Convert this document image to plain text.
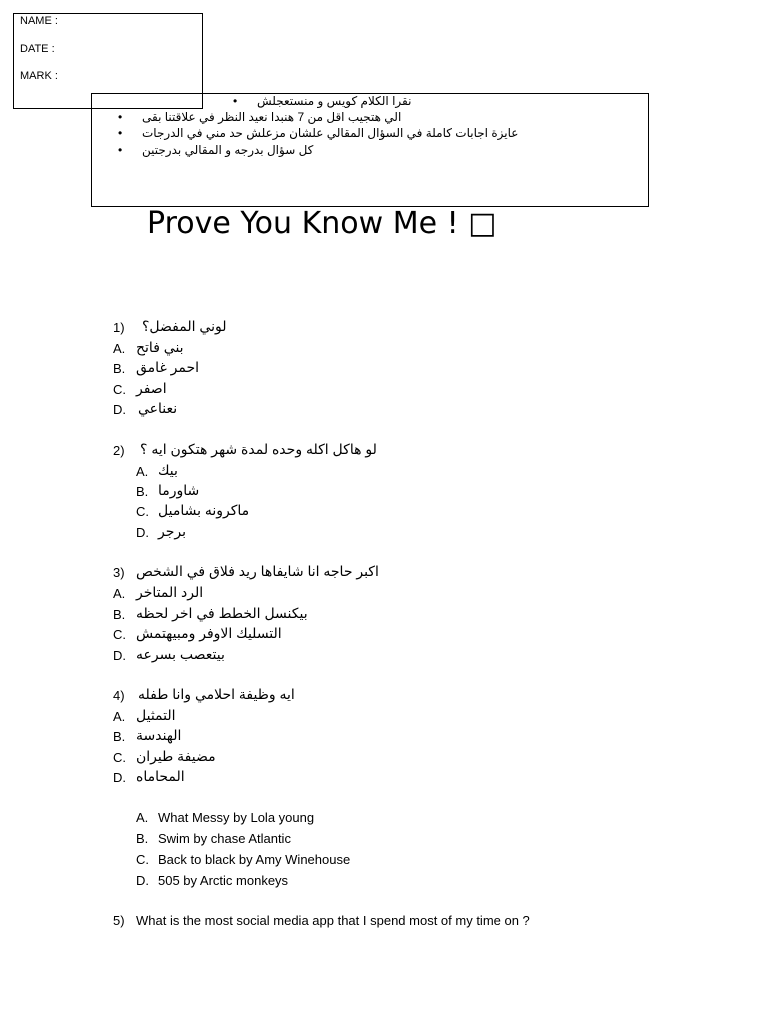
NAME :
DATE :
MARK :
• نقرا الكلام كويس و منستعجلش
• الي هتجيب اقل من 7 هنبدا نعيد النظر في علاقتنا بقى
• عايزة اجابات كاملة في السؤال المقالي علشان مزعلش حد مني في الدرجات
• كل سؤال بدرجه و المقالي بدرجتين
Prove You Know Me ! □
1) لوني المفضل؟
A. بني فاتح
B. احمر غامق
C. اصفر
D. نعناعي
2) لو هاكل اكله وحده لمدة شهر هتكون ايه ؟
A. بيك
B. شاورما
C. ماكرونه بشاميل
D. برجر
3) اكبر حاجه انا شايفاها ريد فلاق في الشخص
A. الرد المتاخر
B. بيكنسل الخطط في اخر لحظه
C. التسليك الاوفر ومبيهتمش
D. بيتعصب بسرعه
4) ايه وظيفة احلامي وانا طفله
A. التمثيل
B. الهندسة
C. مضيفة طيران
D. المحاماه
A. What Messy by Lola young
B. Swim by chase Atlantic
C. Back to black by Amy Winehouse
D. 505 by Arctic monkeys
5) What is the most social media app that I spend most of my time on ?
